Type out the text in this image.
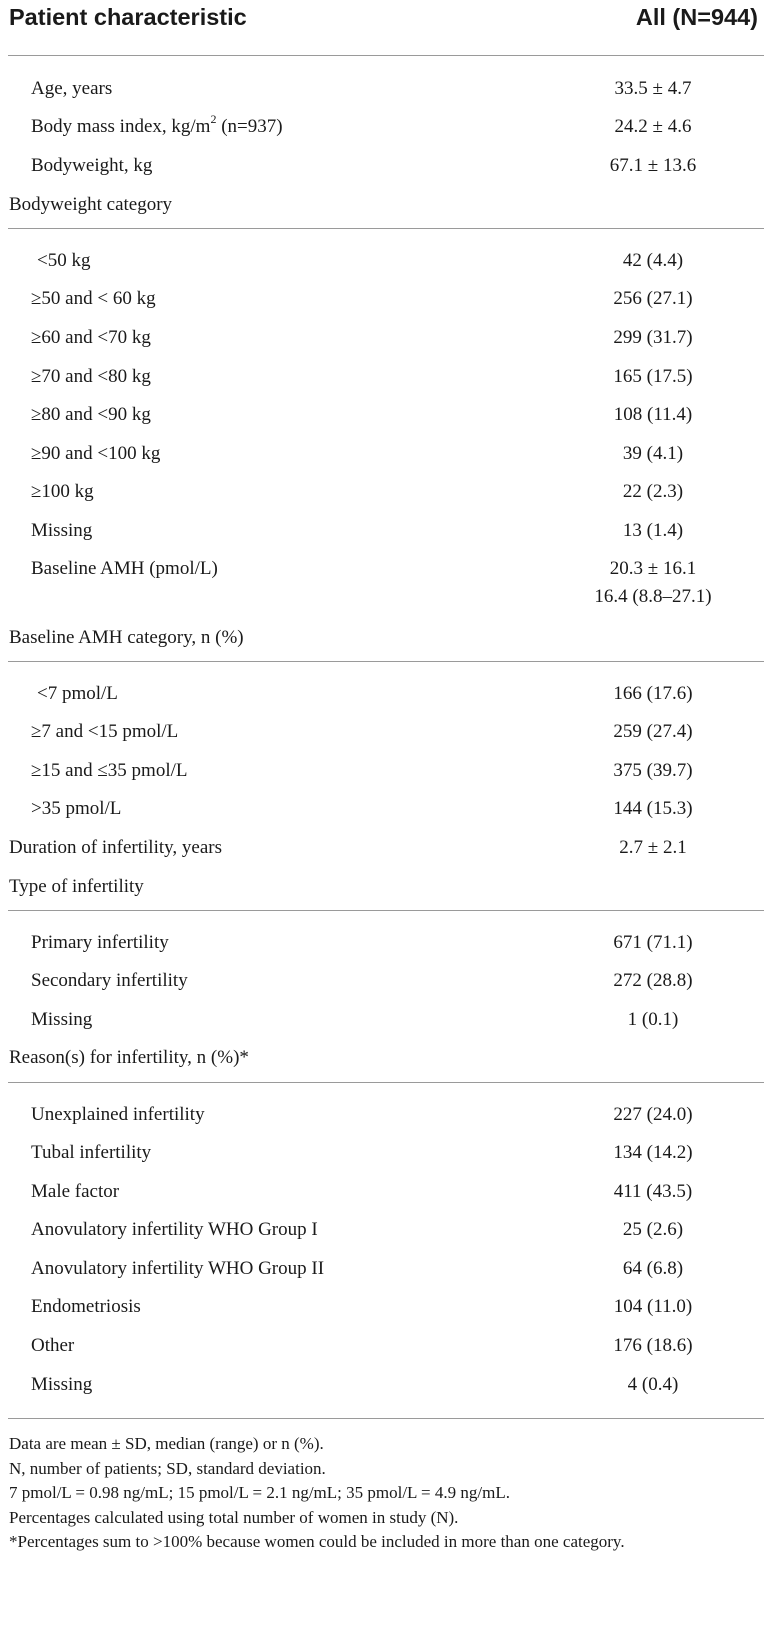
Patient characteristic	All (N=944)
Age, years	33.5 ± 4.7
Body mass index, $kg/m^2$ (n=937)	24.2 ± 4.6
Bodyweight, kg	67.1 ± 13.6
Bodyweight category
<50 kg	42 (4.4)
≥50 and < 60 kg	256 (27.1)
≥60 and <70 kg	299 (31.7)
≥70 and <80 kg	165 (17.5)
≥80 and <90 kg	108 (11.4)
≥90 and <100 kg	39 (4.1)
≥100 kg	22 (2.3)
Missing	13 (1.4)
Baseline AMH (pmol/L)	20.3 ± 16.1
16.4 (8.8–27.1)
Baseline AMH category, n (%)
<7 pmol/L	166 (17.6)
≥7 and <15 pmol/L	259 (27.4)
≥15 and ≤35 pmol/L	375 (39.7)
>35 pmol/L	144 (15.3)
Duration of infertility, years	2.7 ± 2.1
Type of infertility
Primary infertility	671 (71.1)
Secondary infertility	272 (28.8)
Missing	1 (0.1)
Reason(s) for infertility, n (%)*
Unexplained infertility	227 (24.0)
Tubal infertility	134 (14.2)
Male factor	411 (43.5)
Anovulatory infertility WHO Group I	25 (2.6)
Anovulatory infertility WHO Group II	64 (6.8)
Endometriosis	104 (11.0)
Other	176 (18.6)
Missing	4 (0.4)
Data are mean ± SD, median (range) or n (%).
N, number of patients; SD, standard deviation.
7 pmol/L = 0.98 ng/mL; 15 pmol/L = 2.1 ng/mL; 35 pmol/L = 4.9 ng/mL.
Percentages calculated using total number of women in study (N).
*Percentages sum to >100% because women could be included in more than one category.
